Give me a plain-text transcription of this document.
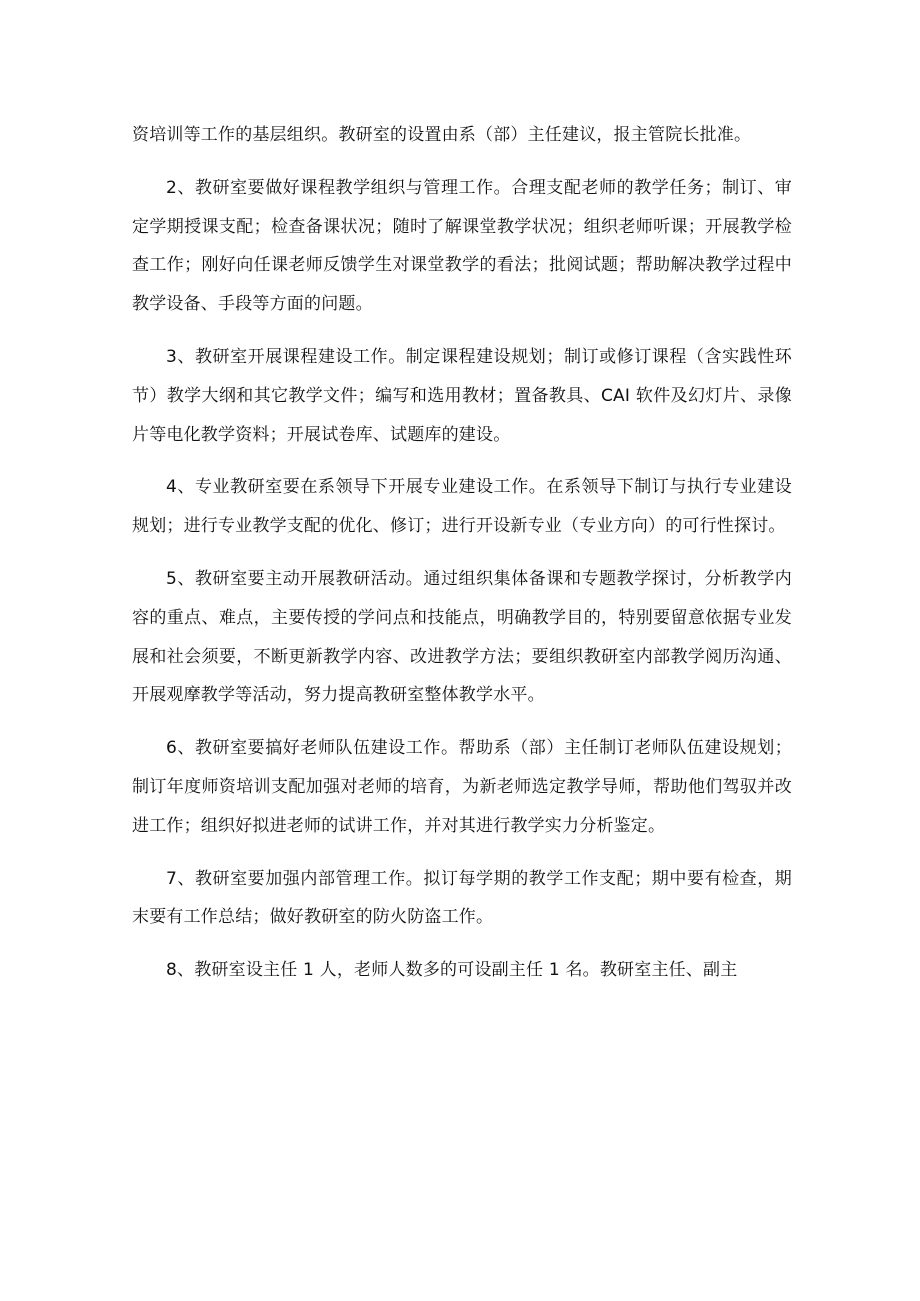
资培训等工作的基层组织。教研室的设置由系（部）主任建议，报主管院长批准。

2、教研室要做好课程教学组织与管理工作。合理支配老师的教学任务；制订、审定学期授课支配；检查备课状况；随时了解课堂教学状况；组织老师听课；开展教学检查工作；刚好向任课老师反馈学生对课堂教学的看法；批阅试题；帮助解决教学过程中教学设备、手段等方面的问题。

3、教研室开展课程建设工作。制定课程建设规划；制订或修订课程（含实践性环节）教学大纲和其它教学文件；编写和选用教材；置备教具、CAI 软件及幻灯片、录像片等电化教学资料；开展试卷库、试题库的建设。

4、专业教研室要在系领导下开展专业建设工作。在系领导下制订与执行专业建设规划；进行专业教学支配的优化、修订；进行开设新专业（专业方向）的可行性探讨。

5、教研室要主动开展教研活动。通过组织集体备课和专题教学探讨，分析教学内容的重点、难点，主要传授的学问点和技能点，明确教学目的，特别要留意依据专业发展和社会须要，不断更新教学内容、改进教学方法；要组织教研室内部教学阅历沟通、开展观摩教学等活动，努力提高教研室整体教学水平。

6、教研室要搞好老师队伍建设工作。帮助系（部）主任制订老师队伍建设规划；制订年度师资培训支配加强对老师的培育，为新老师选定教学导师，帮助他们驾驭并改进工作；组织好拟进老师的试讲工作，并对其进行教学实力分析鉴定。

7、教研室要加强内部管理工作。拟订每学期的教学工作支配；期中要有检查，期末要有工作总结；做好教研室的防火防盗工作。

8、教研室设主任 1 人，老师人数多的可设副主任 1 名。教研室主任、副主
